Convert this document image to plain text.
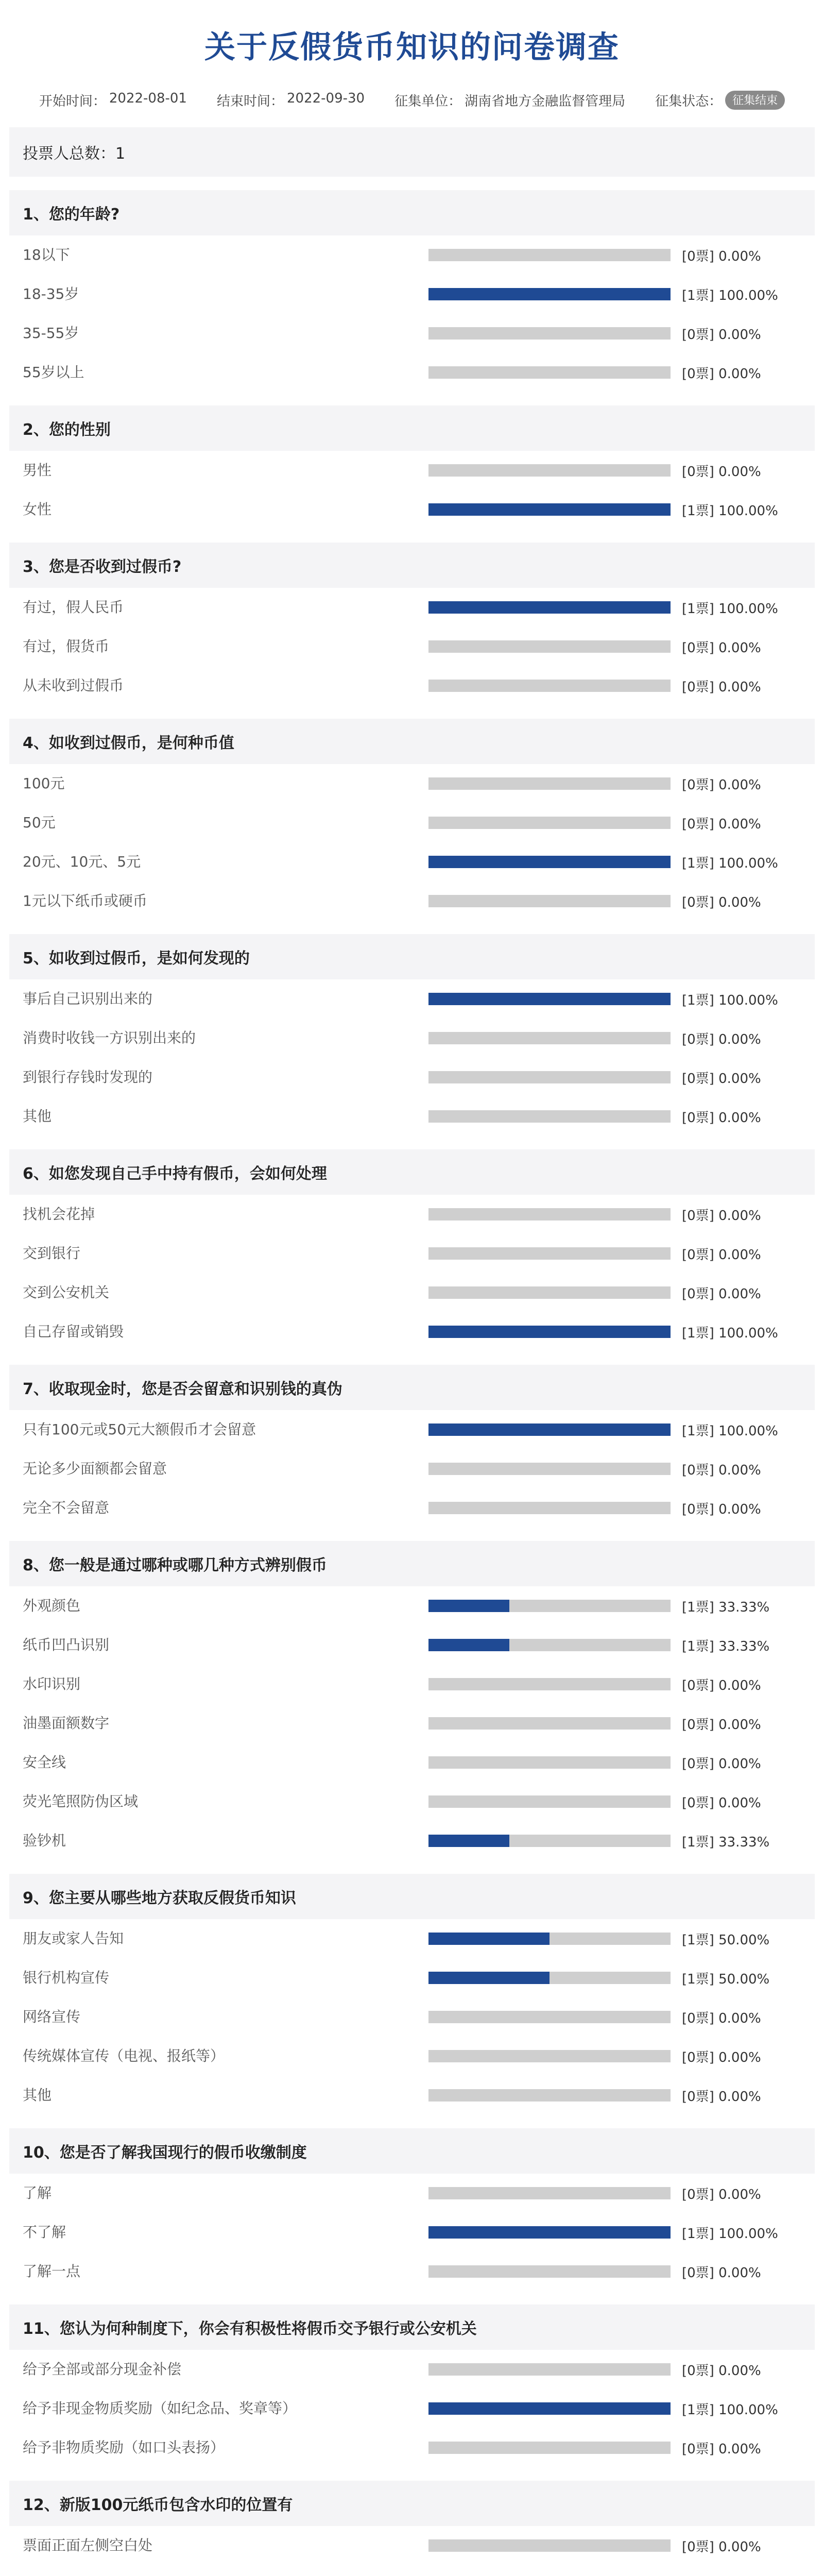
关于反假货币知识的问卷调查
开始时间： 2022-08-01 结束时间： 2022-09-30 征集单位： 湖南省地方金融监督管理局 征集状态： 征集结束
投票人总数：1
1、您的年龄?
18以下	[0票] 0.00%
18-35岁	[1票] 100.00%
35-55岁	[0票] 0.00%
55岁以上	[0票] 0.00%
2、您的性别
男性	[0票] 0.00%
女性	[1票] 100.00%
3、您是否收到过假币?
有过，假人民币	[1票] 100.00%
有过，假货币	[0票] 0.00%
从未收到过假币	[0票] 0.00%
4、如收到过假币，是何种币值
100元	[0票] 0.00%
50元	[0票] 0.00%
20元、10元、5元	[1票] 100.00%
1元以下纸币或硬币	[0票] 0.00%
5、如收到过假币，是如何发现的
事后自己识别出来的	[1票] 100.00%
消费时收钱一方识别出来的	[0票] 0.00%
到银行存钱时发现的	[0票] 0.00%
其他	[0票] 0.00%
6、如您发现自己手中持有假币，会如何处理
找机会花掉	[0票] 0.00%
交到银行	[0票] 0.00%
交到公安机关	[0票] 0.00%
自己存留或销毁	[1票] 100.00%
7、收取现金时，您是否会留意和识别钱的真伪
只有100元或50元大额假币才会留意	[1票] 100.00%
无论多少面额都会留意	[0票] 0.00%
完全不会留意	[0票] 0.00%
8、您一般是通过哪种或哪几种方式辨别假币
外观颜色	[1票] 33.33%
纸币凹凸识别	[1票] 33.33%
水印识别	[0票] 0.00%
油墨面额数字	[0票] 0.00%
安全线	[0票] 0.00%
荧光笔照防伪区域	[0票] 0.00%
验钞机	[1票] 33.33%
9、您主要从哪些地方获取反假货币知识
朋友或家人告知	[1票] 50.00%
银行机构宣传	[1票] 50.00%
网络宣传	[0票] 0.00%
传统媒体宣传（电视、报纸等）	[0票] 0.00%
其他	[0票] 0.00%
10、您是否了解我国现行的假币收缴制度
了解	[0票] 0.00%
不了解	[1票] 100.00%
了解一点	[0票] 0.00%
11、您认为何种制度下，你会有积极性将假币交予银行或公安机关
给予全部或部分现金补偿	[0票] 0.00%
给予非现金物质奖励（如纪念品、奖章等）	[1票] 100.00%
给予非物质奖励（如口头表扬）	[0票] 0.00%
12、新版100元纸币包含水印的位置有
票面正面左侧空白处	[0票] 0.00%
